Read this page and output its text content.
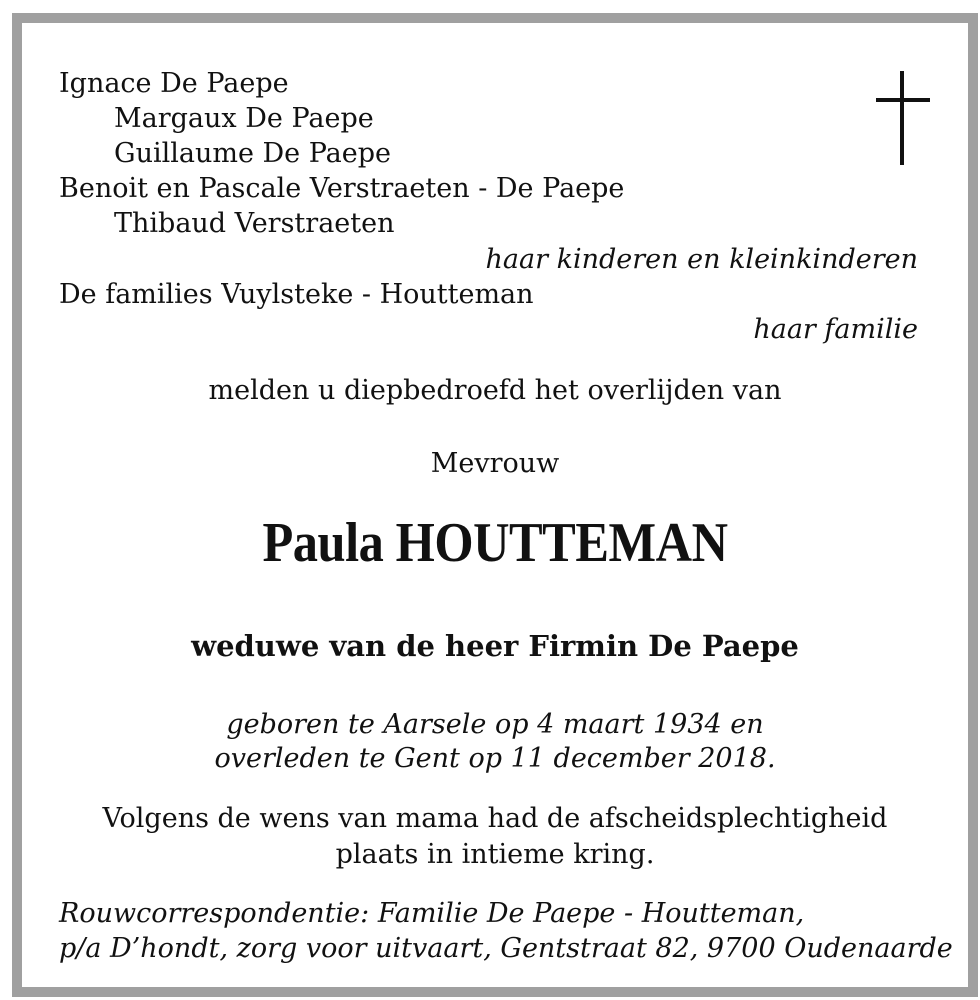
Ignace De Paepe
Margaux De Paepe
Guillaume De Paepe
Benoit en Pascale Verstraeten - De Paepe
Thibaud Verstraeten
haar kinderen en kleinkinderen
De families Vuylsteke - Houtteman
haar familie
melden u diepbedroefd het overlijden van
Mevrouw
Paula HOUTTEMAN
weduwe van de heer Firmin De Paepe
geboren te Aarsele op 4 maart 1934 en
overleden te Gent op 11 december 2018.
Volgens de wens van mama had de afscheidsplechtigheid
plaats in intieme kring.
Rouwcorrespondentie: Familie De Paepe - Houtteman,
p/a D’hondt, zorg voor uitvaart, Gentstraat 82, 9700 Oudenaarde
